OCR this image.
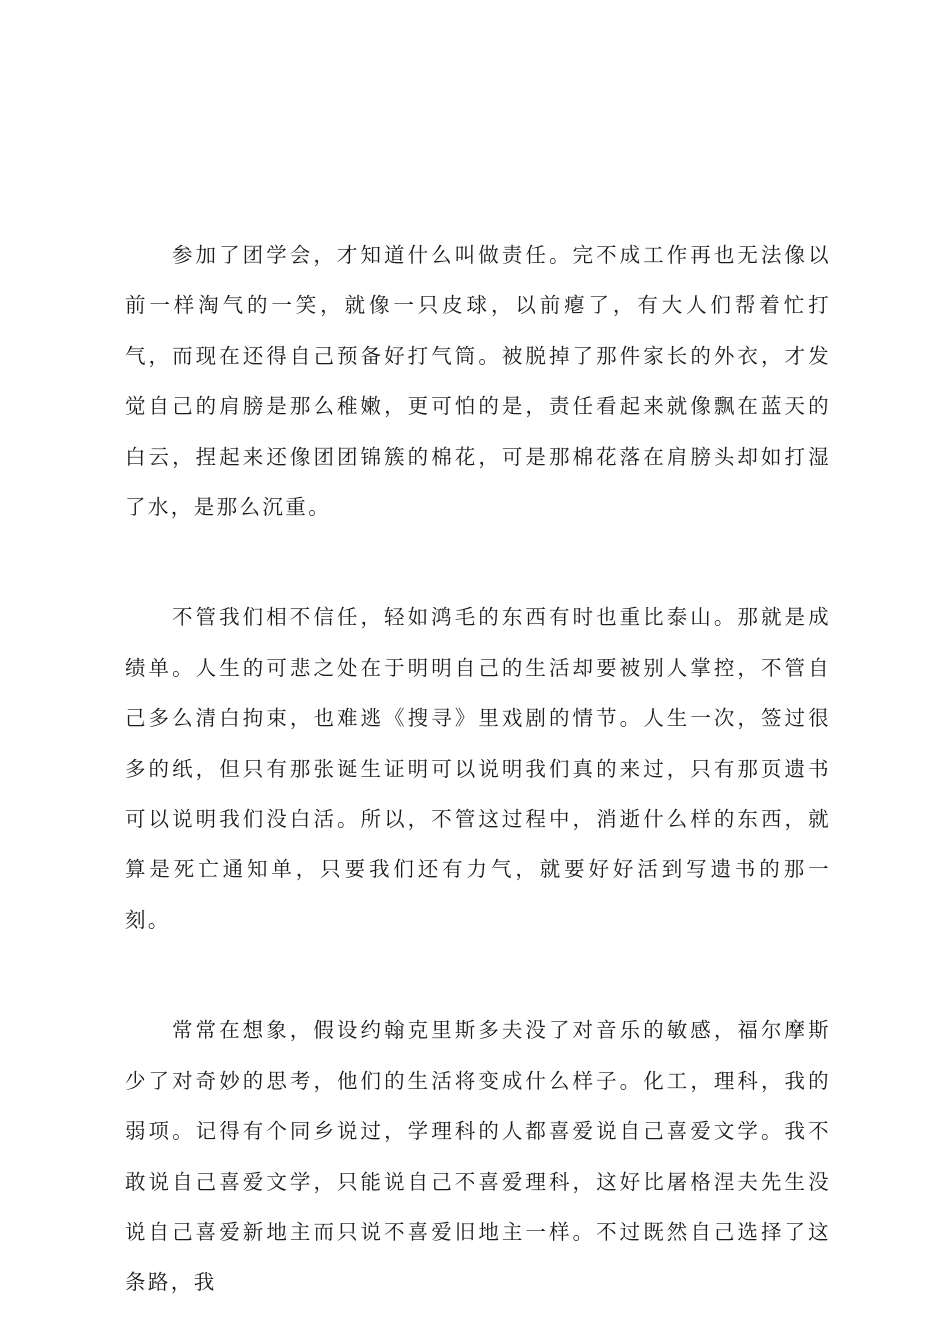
参加了团学会，才知道什么叫做责任。完不成工作再也无法像以前一样淘气的一笑，就像一只皮球，以前瘪了，有大人们帮着忙打气，而现在还得自己预备好打气筒。被脱掉了那件家长的外衣，才发觉自己的肩膀是那么稚嫩，更可怕的是，责任看起来就像飘在蓝天的白云，捏起来还像团团锦簇的棉花，可是那棉花落在肩膀头却如打湿了水，是那么沉重。

不管我们相不信任，轻如鸿毛的东西有时也重比泰山。那就是成绩单。人生的可悲之处在于明明自己的生活却要被别人掌控，不管自己多么清白拘束，也难逃《搜寻》里戏剧的情节。人生一次，签过很多的纸，但只有那张诞生证明可以说明我们真的来过，只有那页遗书可以说明我们没白活。所以，不管这过程中，消逝什么样的东西，就算是死亡通知单，只要我们还有力气，就要好好活到写遗书的那一刻。

常常在想象，假设约翰克里斯多夫没了对音乐的敏感，福尔摩斯少了对奇妙的思考，他们的生活将变成什么样子。化工，理科，我的弱项。记得有个同乡说过，学理科的人都喜爱说自己喜爱文学。我不敢说自己喜爱文学，只能说自己不喜爱理科，这好比屠格涅夫先生没说自己喜爱新地主而只说不喜爱旧地主一样。不过既然自己选择了这条路，我
